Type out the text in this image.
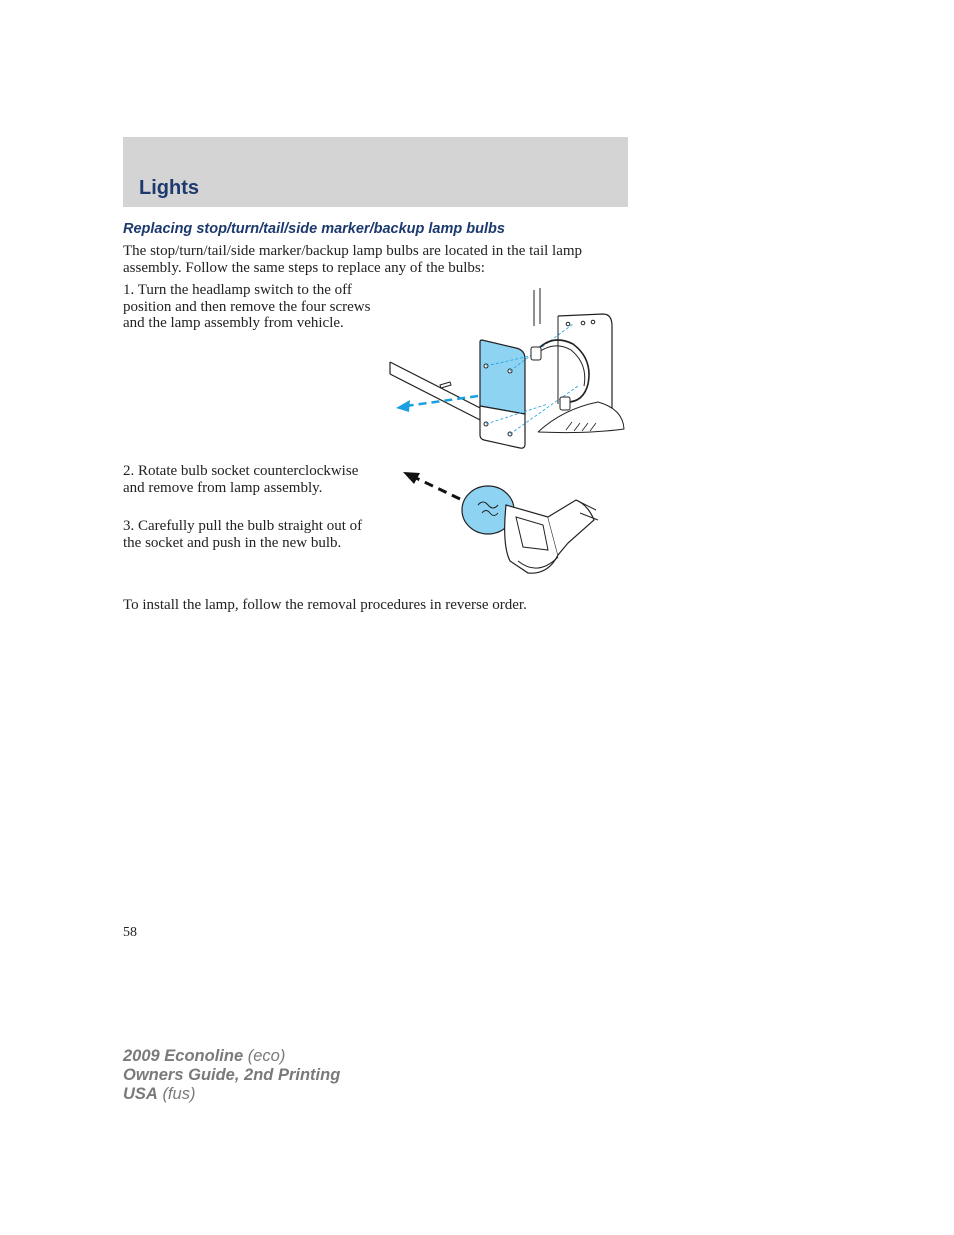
Lights
Replacing stop/turn/tail/side marker/backup lamp bulbs

The stop/turn/tail/side marker/backup lamp bulbs are located in the tail lamp assembly. Follow the same steps to replace any of the bulbs:

1. Turn the headlamp switch to the off position and then remove the four screws and the lamp assembly from vehicle.

2. Rotate bulb socket counterclockwise and remove from lamp assembly.

3. Carefully pull the bulb straight out of the socket and push in the new bulb.

To install the lamp, follow the removal procedures in reverse order.

58
2009 Econoline (eco)
Owners Guide, 2nd Printing
USA (fus)
